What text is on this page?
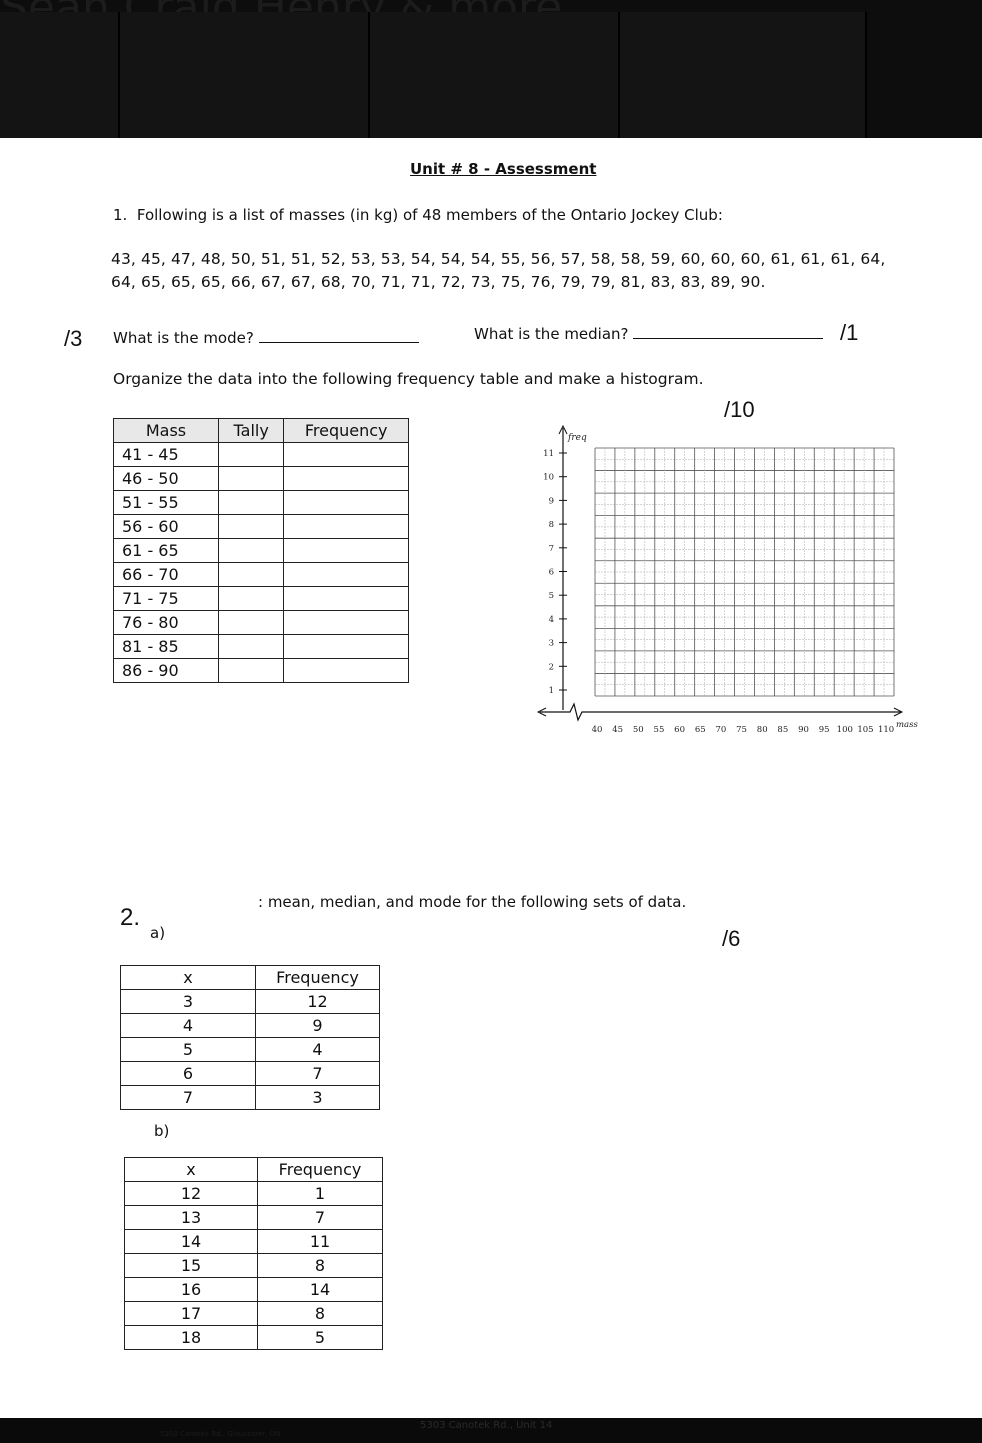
5303 Canotek Rd., Gloucester, ON
5303 Canotek Rd., Unit 14
Unit # 8 - Assessment
1. Following is a list of masses (in kg) of 48 members of the Ontario Jockey Club:
43, 45, 47, 48, 50, 51, 51, 52, 53, 53, 54, 54, 54, 55, 56, 57, 58, 58, 59, 60, 60, 60, 61, 61, 61, 64,
64, 65, 65, 65, 66, 67, 67, 68, 70, 71, 71, 72, 73, 75, 76, 79, 79, 81, 83, 83, 89, 90.
/3 What is the mode?	What is the median?	/1
Organize the data into the following frequency table and make a histogram.
/10
Mass	Tally	Frequency
41 - 45		
46 - 50		
51 - 55		
56 - 60		
61 - 65		
66 - 70		
71 - 75		
76 - 80		
81 - 85		
86 - 90		
1
2
3
4
5
6
7
8
9
10
11
freq
40 45 50 55 60 65 70 75 80 85 90 95 100 105 110 mass
2.
: mean, median, and mode for the following sets of data.
a)	/6
x	Frequency
3	12
4	9
5	4
6	7
7	3
b)
x	Frequency
12	1
13	7
14	11
15	8
16	14
17	8
18	5
